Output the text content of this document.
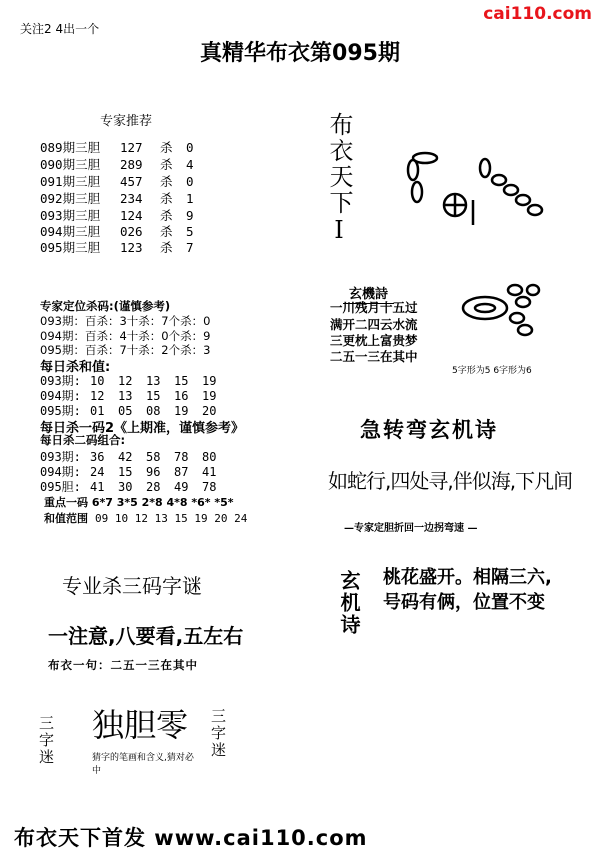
关注2 4出一个
cai110.com
真精华布衣第095期
专家推荐
089期三胆 127 杀 0
090期三胆 289 杀 4
091期三胆 457 杀 0
092期三胆 234 杀 1
093期三胆 124 杀 9
094期三胆 026 杀 5
095期三胆 123 杀 7
专家定位杀码:(谨慎参考)
093期：百杀：3十杀：7个杀：0
094期：百杀：4十杀：0个杀：9
095期：百杀：7十杀：2个杀：3
每日杀和值:
093期: 10 12 13 15 19
094期: 12 13 15 16 19
095期: 01 05 08 19 20
每日杀一码2《上期准，谨慎参考》
每日杀二码组合:
093期: 36 42 58 78 80
094期: 24 15 96 87 41
095胆: 41 30 28 49 78
重点一码 6*7 3*5 2*8 4*8 *6* *5*
和值范围 09 10 12 13 15 19 20 24
专业杀三码字谜
一注意,八要看,五左右
布衣一句：二五一三在其中
三字迷 独胆零
猜字的笔画和含义,猜对必中
三字迷
布衣天下I
玄機詩
一川残月十五过
满开二四云水流
三更枕上富贵梦
二五一三在其中
5字形为5 6字形为6
急转弯玄机诗
如蛇行,四处寻,伴似海,下凡间
—专家定胆折回一边拐弯速 —
玄机诗 桃花盛开。相隔三六,
号码有俩，位置不变
布衣天下首发 www.cai110.com
